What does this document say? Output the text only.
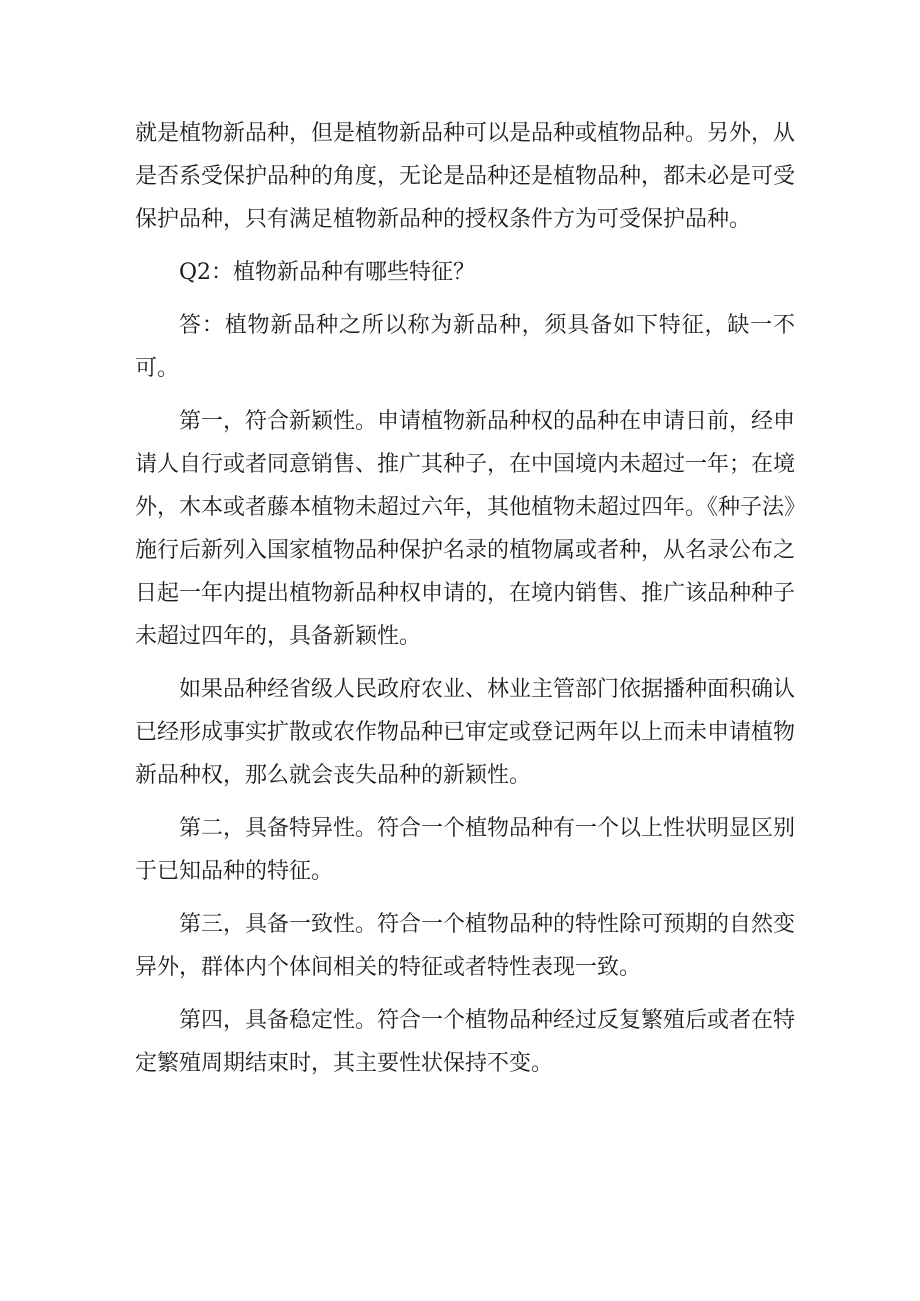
就是植物新品种，但是植物新品种可以是品种或植物品种。另外，从是否系受保护品种的角度，无论是品种还是植物品种，都未必是可受保护品种，只有满足植物新品种的授权条件方为可受保护品种。

Q2：植物新品种有哪些特征？

答：植物新品种之所以称为新品种，须具备如下特征，缺一不可。

第一，符合新颖性。申请植物新品种权的品种在申请日前，经申请人自行或者同意销售、推广其种子，在中国境内未超过一年；在境外，木本或者藤本植物未超过六年，其他植物未超过四年。《种子法》施行后新列入国家植物品种保护名录的植物属或者种，从名录公布之日起一年内提出植物新品种权申请的，在境内销售、推广该品种种子未超过四年的，具备新颖性。

如果品种经省级人民政府农业、林业主管部门依据播种面积确认已经形成事实扩散或农作物品种已审定或登记两年以上而未申请植物新品种权，那么就会丧失品种的新颖性。

第二，具备特异性。符合一个植物品种有一个以上性状明显区别于已知品种的特征。

第三，具备一致性。符合一个植物品种的特性除可预期的自然变异外，群体内个体间相关的特征或者特性表现一致。

第四，具备稳定性。符合一个植物品种经过反复繁殖后或者在特定繁殖周期结束时，其主要性状保持不变。
